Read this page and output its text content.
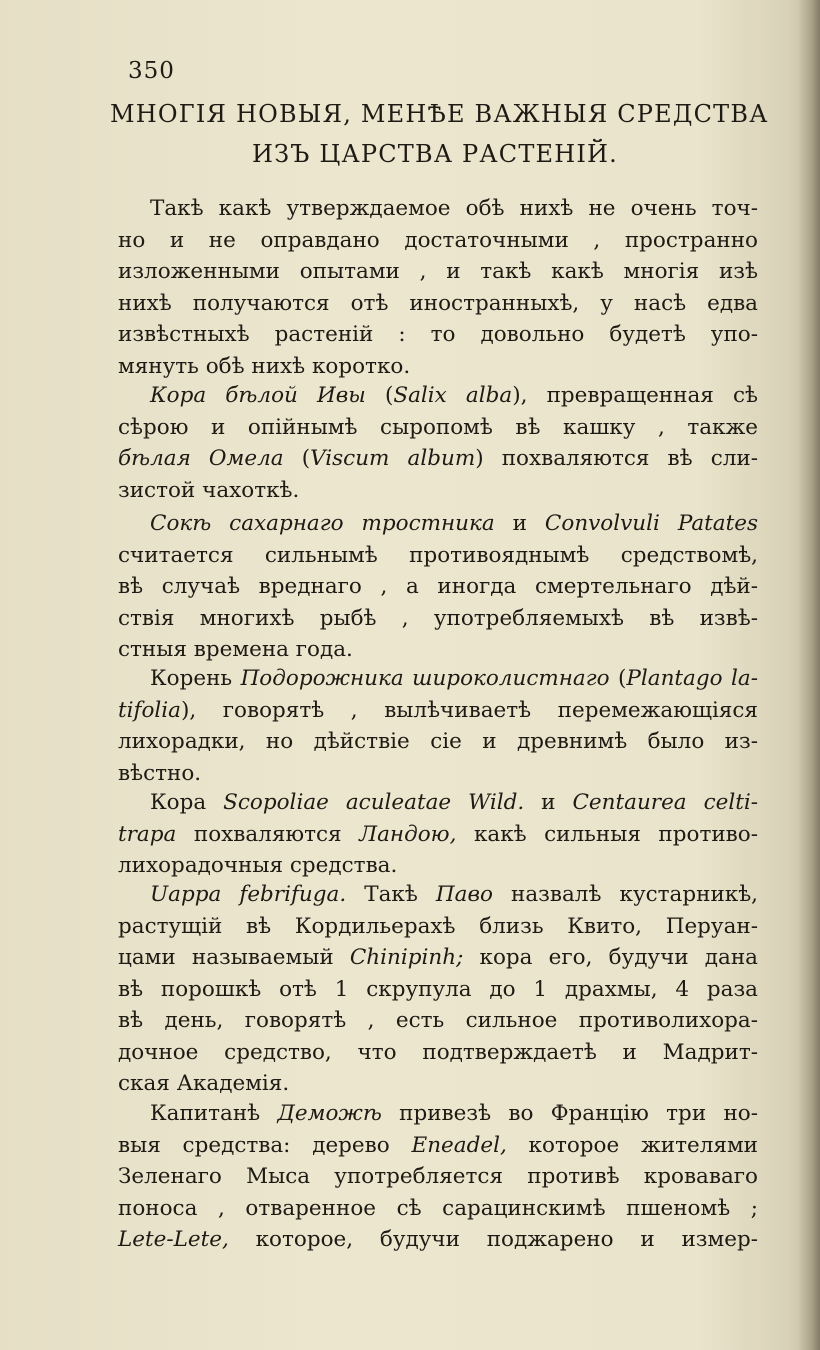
350
МНОГIЯ НОВЫЯ, МЕНѢЕ ВАЖНЫЯ СРЕДСТВА
ИЗЪ ЦАРСТВА РАСТЕНIЙ.
Такѣ какѣ утверждаемое обѣ нихѣ не очень точ-
но и не оправдано достаточными , пространно
изложенными опытами , и такѣ какѣ многiя изѣ
нихѣ получаются отѣ иностранныхѣ, у насѣ едва
извѣстныхѣ растенiй : то довольно будетѣ упо-
мянуть обѣ нихѣ коротко.
Кора бѣлой Ивы (Salix alba), превращенная сѣ
сѣрою и опiйнымѣ сыропомѣ вѣ кашку , также
бѣлая Омела (Viscum album) похваляются вѣ сли-
зистой чахоткѣ.
Сокѣ сахарнаго тростника и Convolvuli Patates
считается сильнымѣ противояднымѣ средствомѣ,
вѣ случаѣ вреднаго , а иногда смертельнаго дѣй-
ствiя многихѣ рыбѣ , употребляемыхѣ вѣ извѣ-
стныя времена года.
Корень Подорожника широколистнаго (Plantago la-
tifolia), говорятѣ , вылѣчиваетѣ перемежающiяся
лихорадки, но дѣйствiе сiе и древнимѣ было из-
вѣстно.
Кора Scopoliae aculeatae Wild. и Centaurea celti-
trapa похваляются Ландою, какѣ сильныя противо-
лихорадочныя средства.
Uappa febrifuga. Такѣ Паво назвалѣ кустарникѣ,
растущiй вѣ Кордильерахѣ близь Квито, Перуан-
цами называемый Chinipinh; кора его, будучи дана
вѣ порошкѣ отѣ 1 скрупула до 1 драхмы, 4 раза
вѣ день, говорятѣ , есть сильное противолихора-
дочное средство, что подтверждаетѣ и Мадрит-
ская Академiя.
Капитанѣ Деможѣ привезѣ во Францiю три но-
выя средства: дерево Eneadel, которое жителями
Зеленаго Мыса употребляется противѣ кроваваго
поноса , отваренное сѣ сарацинскимѣ пшеномѣ ;
Lete-Lete, которое, будучи поджарено и измер-
